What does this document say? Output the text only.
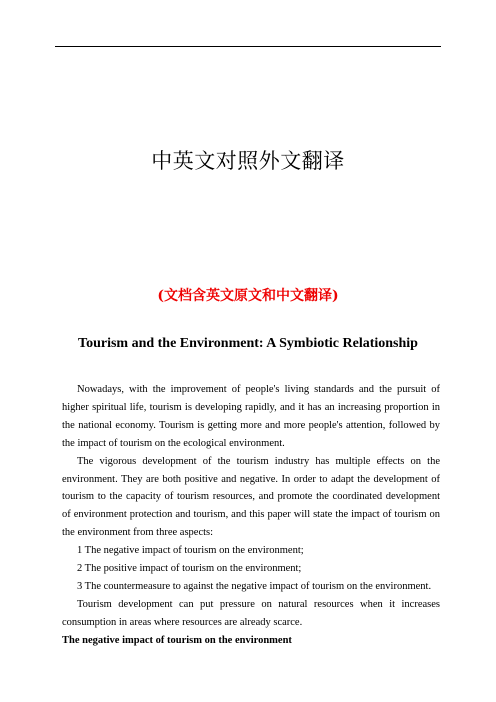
中英文对照外文翻译
(文档含英文原文和中文翻译)
Tourism and the Environment: A Symbiotic Relationship

Nowadays, with the improvement of people's living standards and the pursuit of higher spiritual life, tourism is developing rapidly, and it has an increasing proportion in the national economy. Tourism is getting more and more people's attention, followed by the impact of tourism on the ecological environment.

The vigorous development of the tourism industry has multiple effects on the environment. They are both positive and negative. In order to adapt the development of tourism to the capacity of tourism resources, and promote the coordinated development of environment protection and tourism, and this paper will state the impact of tourism on the environment from three aspects:

1 The negative impact of tourism on the environment;

2 The positive impact of tourism on the environment;

3 The countermeasure to against the negative impact of tourism on the environment.

Tourism development can put pressure on natural resources when it increases consumption in areas where resources are already scarce.

The negative impact of tourism on the environment
